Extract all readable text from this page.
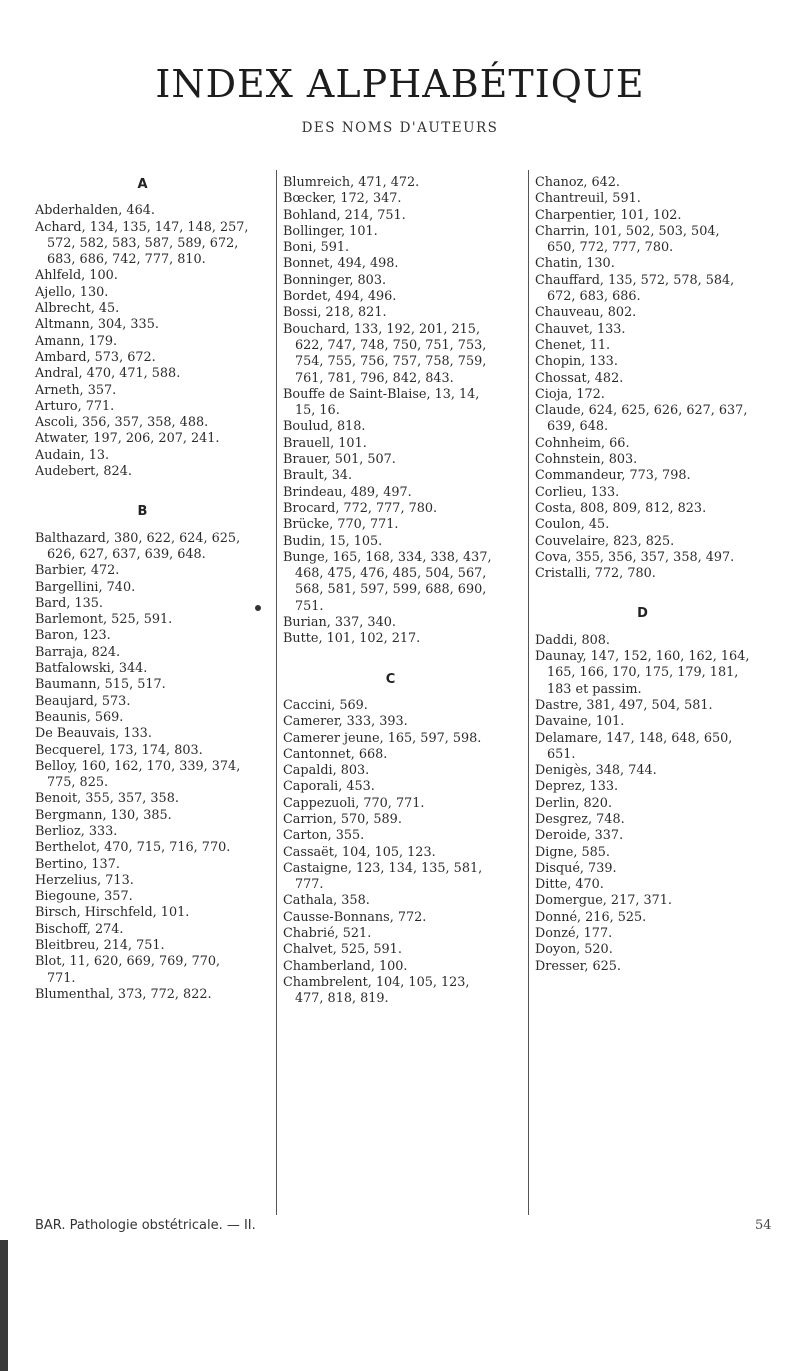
INDEX ALPHABÉTIQUE
DES NOMS D'AUTEURS
A
Abderhalden, 464.
Achard, 134, 135, 147, 148, 257, 572, 582, 583, 587, 589, 672, 683, 686, 742, 777, 810.
Ahlfeld, 100.
Ajello, 130.
Albrecht, 45.
Altmann, 304, 335.
Amann, 179.
Ambard, 573, 672.
Andral, 470, 471, 588.
Arneth, 357.
Arturo, 771.
Ascoli, 356, 357, 358, 488.
Atwater, 197, 206, 207, 241.
Audain, 13.
Audebert, 824.
B
Balthazard, 380, 622, 624, 625, 626, 627, 637, 639, 648.
Barbier, 472.
Bargellini, 740.
Bard, 135.
Barlemont, 525, 591.
Baron, 123.
Barraja, 824.
Batfalowski, 344.
Baumann, 515, 517.
Beaujard, 573.
Beaunis, 569.
De Beauvais, 133.
Becquerel, 173, 174, 803.
Belloy, 160, 162, 170, 339, 374, 775, 825.
Benoit, 355, 357, 358.
Bergmann, 130, 385.
Berlioz, 333.
Berthelot, 470, 715, 716, 770.
Bertino, 137.
Herzelius, 713.
Biegounе, 357.
Birsch, Hirschfeld, 101.
Bischoff, 274.
Bleitbreu, 214, 751.
Blot, 11, 620, 669, 769, 770, 771.
Blumenthal, 373, 772, 822.
Blumreich, 471, 472.
Bœcker, 172, 347.
Bohland, 214, 751.
Bollinger, 101.
Boni, 591.
Bonnet, 494, 498.
Bonninger, 803.
Bordet, 494, 496.
Bossi, 218, 821.
Bouchard, 133, 192, 201, 215, 622, 747, 748, 750, 751, 753, 754, 755, 756, 757, 758, 759, 761, 781, 796, 842, 843.
Bouffe de Saint-Blaise, 13, 14, 15, 16.
Boulud, 818.
Brauell, 101.
Brauer, 501, 507.
Brault, 34.
Brindeau, 489, 497.
Brocard, 772, 777, 780.
Brücke, 770, 771.
Budin, 15, 105.
Bunge, 165, 168, 334, 338, 437, 468, 475, 476, 485, 504, 567, 568, 581, 597, 599, 688, 690, 751.
Burian, 337, 340.
Butte, 101, 102, 217.
C
Caccini, 569.
Camerer, 333, 393.
Camerer jeune, 165, 597, 598.
Cantonnet, 668.
Capaldi, 803.
Caporali, 453.
Cappezuoli, 770, 771.
Carrion, 570, 589.
Carton, 355.
Cassaët, 104, 105, 123.
Castaigne, 123, 134, 135, 581, 777.
Cathala, 358.
Causse-Bonnans, 772.
Chabrié, 521.
Chalvet, 525, 591.
Chamberland, 100.
Chambrelent, 104, 105, 123, 477, 818, 819.
Chanoz, 642.
Chantreuil, 591.
Charpentier, 101, 102.
Charrin, 101, 502, 503, 504, 650, 772, 777, 780.
Chatin, 130.
Chauffard, 135, 572, 578, 584, 672, 683, 686.
Chauveau, 802.
Chauvet, 133.
Chenet, 11.
Chopin, 133.
Chossat, 482.
Cioja, 172.
Claude, 624, 625, 626, 627, 637, 639, 648.
Cohnheim, 66.
Cohnstein, 803.
Commandeur, 773, 798.
Corlieu, 133.
Costa, 808, 809, 812, 823.
Coulon, 45.
Couvelaire, 823, 825.
Cova, 355, 356, 357, 358, 497.
Cristalli, 772, 780.
D
Daddi, 808.
Daunay, 147, 152, 160, 162, 164, 165, 166, 170, 175, 179, 181, 183 et passim.
Dastre, 381, 497, 504, 581.
Davaine, 101.
Delamare, 147, 148, 648, 650, 651.
Denigès, 348, 744.
Deprez, 133.
Derlin, 820.
Desgrez, 748.
Deroide, 337.
Digne, 585.
Disqué, 739.
Ditte, 470.
Domergue, 217, 371.
Donné, 216, 525.
Donzé, 177.
Doyon, 520.
Dresser, 625.
BAR. Pathologie obstétricale. — II.	54
